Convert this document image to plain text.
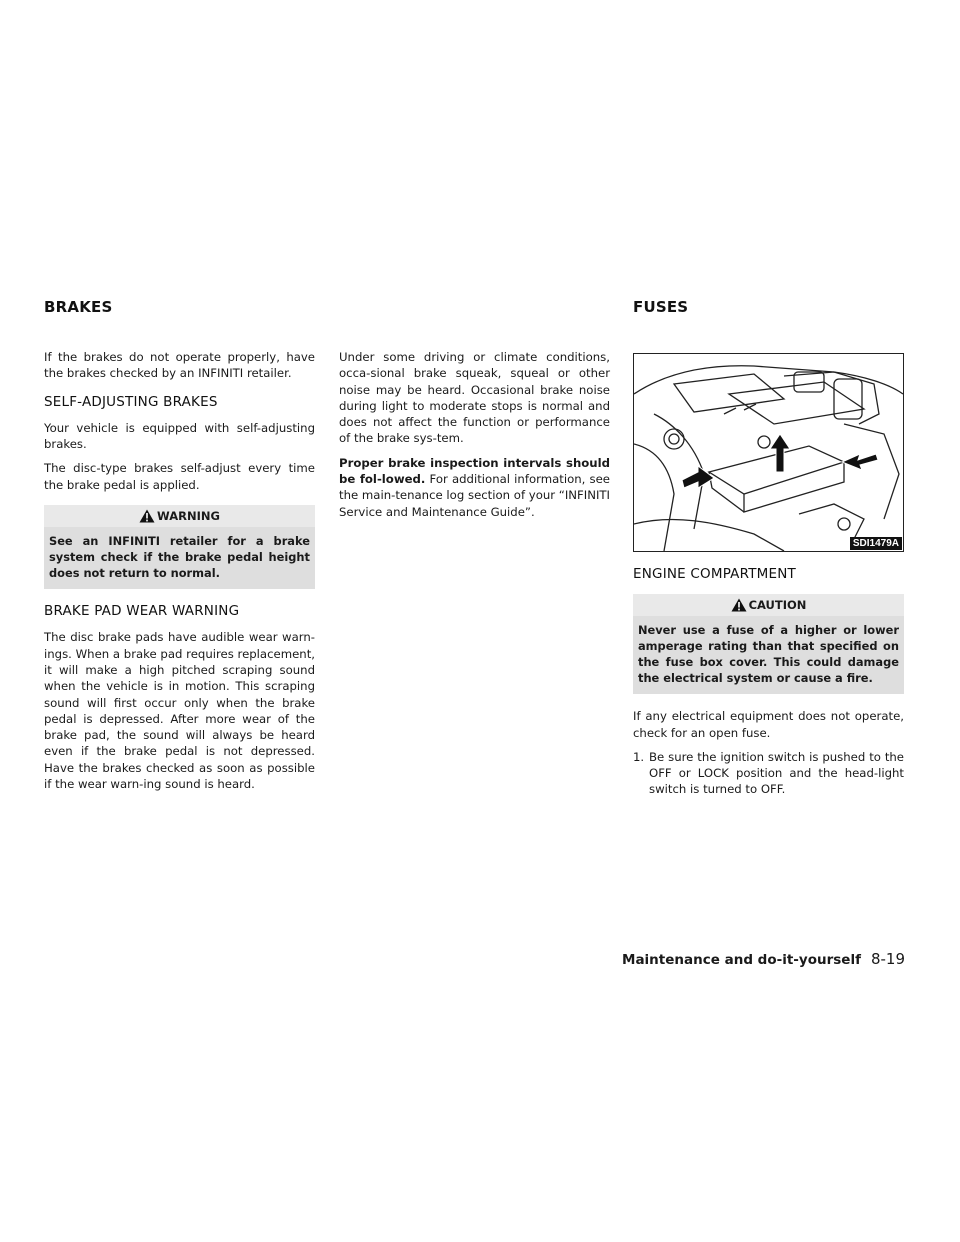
BRAKES	FUSES

If the brakes do not operate properly, have the brakes checked by an INFINITI retailer.

SELF-ADJUSTING BRAKES

Your vehicle is equipped with self-adjusting brakes.

The disc-type brakes self-adjust every time the brake pedal is applied.

WARNING
See an INFINITI retailer for a brake system check if the brake pedal height does not return to normal.
BRAKE PAD WEAR WARNING

The disc brake pads have audible wear warn-ings. When a brake pad requires replacement, it will make a high pitched scraping sound when the vehicle is in motion. This scraping sound will first occur only when the brake pedal is depressed. After more wear of the brake pad, the sound will always be heard even if the brake pedal is not depressed. Have the brakes checked as soon as possible if the wear warn-ing sound is heard.

Under some driving or climate conditions, occa-sional brake squeak, squeal or other noise may be heard. Occasional brake noise during light to moderate stops is normal and does not affect the function or performance of the brake sys-tem.

Proper brake inspection intervals should be fol-lowed. For additional information, see the main-tenance log section of your “INFINITI Service and Maintenance Guide”.

SDI1479A
ENGINE COMPARTMENT
CAUTION
Never use a fuse of a higher or lower amperage rating than that specified on the fuse box cover. This could damage the electrical system or cause a fire.

If any electrical equipment does not operate, check for an open fuse.

1. Be sure the ignition switch is pushed to the OFF or LOCK position and the head-light switch is turned to OFF.
Maintenance and do-it-yourself 8-19
